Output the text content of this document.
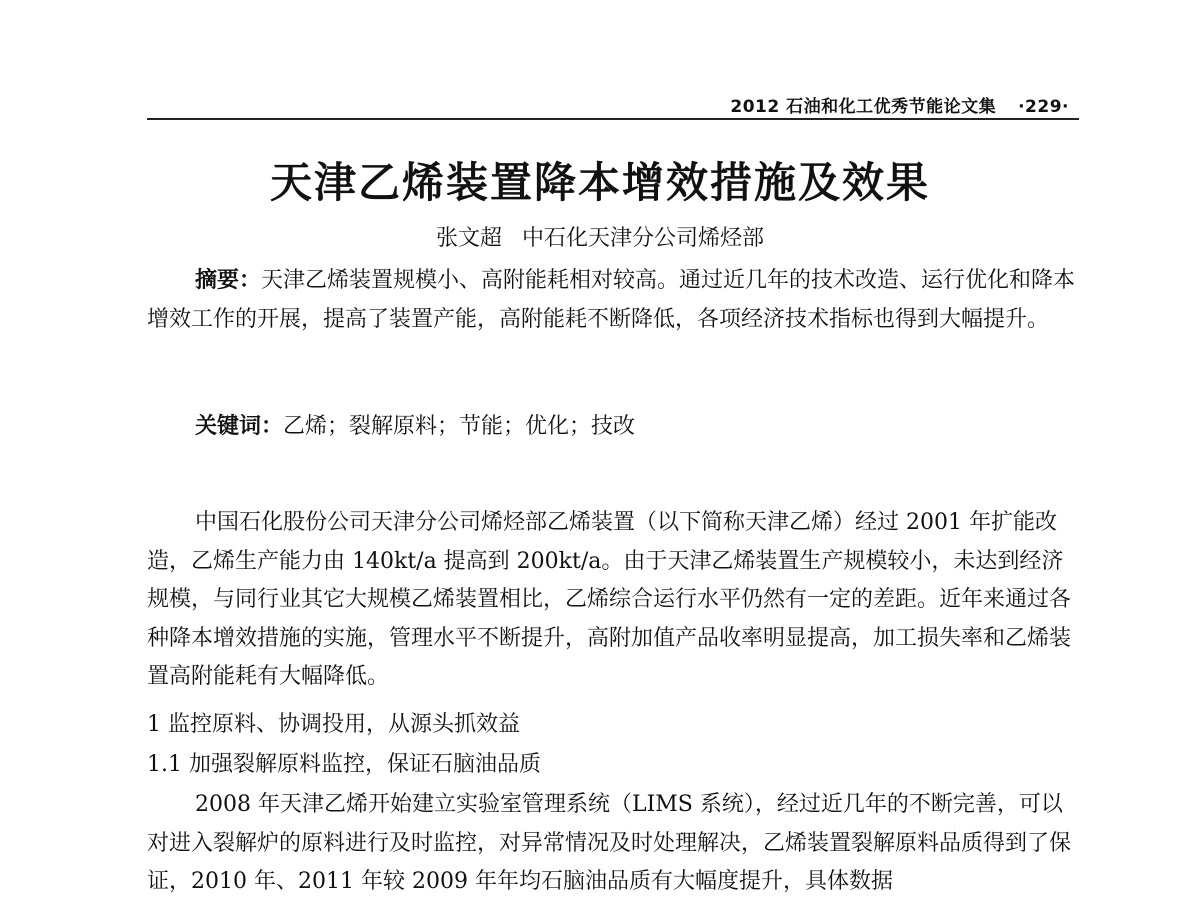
2012 石油和化工优秀节能论文集 ·229·
天津乙烯装置降本增效措施及效果
张文超 中石化天津分公司烯烃部
摘要：天津乙烯装置规模小、高附能耗相对较高。通过近几年的技术改造、运行优化和降本增效工作的开展，提高了装置产能，高附能耗不断降低，各项经济技术指标也得到大幅提升。
关键词：乙烯；裂解原料；节能；优化；技改
中国石化股份公司天津分公司烯烃部乙烯装置（以下简称天津乙烯）经过 2001 年扩能改造，乙烯生产能力由 140kt/a 提高到 200kt/a。由于天津乙烯装置生产规模较小，未达到经济规模，与同行业其它大规模乙烯装置相比，乙烯综合运行水平仍然有一定的差距。近年来通过各种降本增效措施的实施，管理水平不断提升，高附加值产品收率明显提高，加工损失率和乙烯装置高附能耗有大幅降低。
1 监控原料、协调投用，从源头抓效益
1.1 加强裂解原料监控，保证石脑油品质
2008 年天津乙烯开始建立实验室管理系统（LIMS 系统），经过近几年的不断完善，可以对进入裂解炉的原料进行及时监控，对异常情况及时处理解决，乙烯装置裂解原料品质得到了保证，2010 年、2011 年较 2009 年年均石脑油品质有大幅度提升，具体数据
